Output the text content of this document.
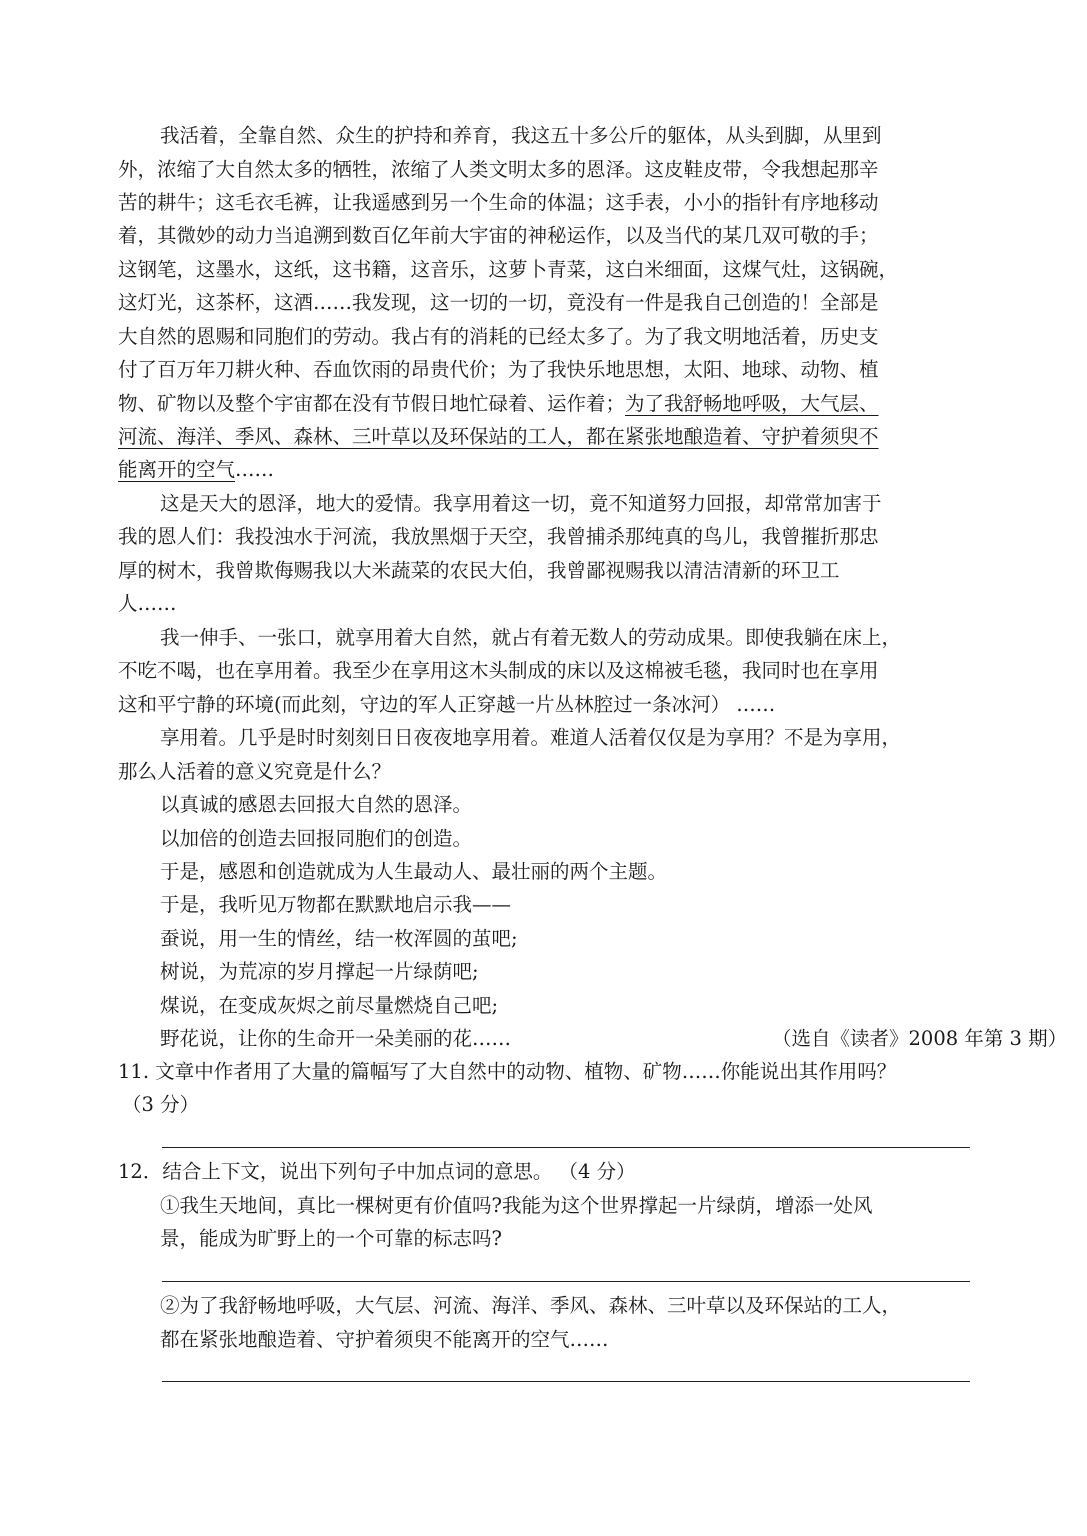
我活着，全靠自然、众生的护持和养育，我这五十多公斤的躯体，从头到脚，从里到
外，浓缩了大自然太多的牺牲，浓缩了人类文明太多的恩泽。这皮鞋皮带，令我想起那辛
苦的耕牛；这毛衣毛裤，让我遥感到另一个生命的体温；这手表，小小的指针有序地移动
着，其微妙的动力当追溯到数百亿年前大宇宙的神秘运作，以及当代的某几双可敬的手；
这钢笔，这墨水，这纸，这书籍，这音乐，这萝卜青菜，这白米细面，这煤气灶，这锅碗，
这灯光，这茶杯，这酒……我发现，这一切的一切，竟没有一件是我自己创造的！全部是
大自然的恩赐和同胞们的劳动。我占有的消耗的已经太多了。为了我文明地活着，历史支
付了百万年刀耕火种、吞血饮雨的昂贵代价；为了我快乐地思想，太阳、地球、动物、植
物、矿物以及整个宇宙都在没有节假日地忙碌着、运作着；为了我舒畅地呼吸，大气层、
河流、海洋、季风、森林、三叶草以及环保站的工人，都在紧张地酿造着、守护着须臾不
能离开的空气……
这是天大的恩泽，地大的爱情。我享用着这一切，竟不知道努力回报，却常常加害于
我的恩人们：我投浊水于河流，我放黑烟于天空，我曾捕杀那纯真的鸟儿，我曾摧折那忠
厚的树木，我曾欺侮赐我以大米蔬菜的农民大伯，我曾鄙视赐我以清洁清新的环卫工
人……
我一伸手、一张口，就享用着大自然，就占有着无数人的劳动成果。即使我躺在床上，
不吃不喝，也在享用着。我至少在享用这木头制成的床以及这棉被毛毯，我同时也在享用
这和平宁静的环境(而此刻，守边的军人正穿越一片丛林腔过一条冰河） ……
享用着。几乎是时时刻刻日日夜夜地享用着。难道人活着仅仅是为享用？不是为享用，
那么人活着的意义究竟是什么？
以真诚的感恩去回报大自然的恩泽。
以加倍的创造去回报同胞们的创造。
于是，感恩和创造就成为人生最动人、最壮丽的两个主题。
于是，我听见万物都在默默地启示我——
蚕说，用一生的情丝，结一枚浑圆的茧吧;
树说，为荒凉的岁月撑起一片绿荫吧;
煤说，在变成灰烬之前尽量燃烧自己吧;
野花说，让你的生命开一朵美丽的花……	（选自《读者》2008 年第 3 期）
11. 文章中作者用了大量的篇幅写了大自然中的动物、植物、矿物……你能说出其作用吗？
（3 分）
12．结合上下文，说出下列句子中加点词的意思。 （4 分）
①我生天地间，真比一棵树更有价值吗?我能为这个世界撑起一片绿荫，增添一处风
景，能成为旷野上的一个可靠的标志吗?
②为了我舒畅地呼吸，大气层、河流、海洋、季风、森林、三叶草以及环保站的工人，
都在紧张地酿造着、守护着须臾不能离开的空气……
